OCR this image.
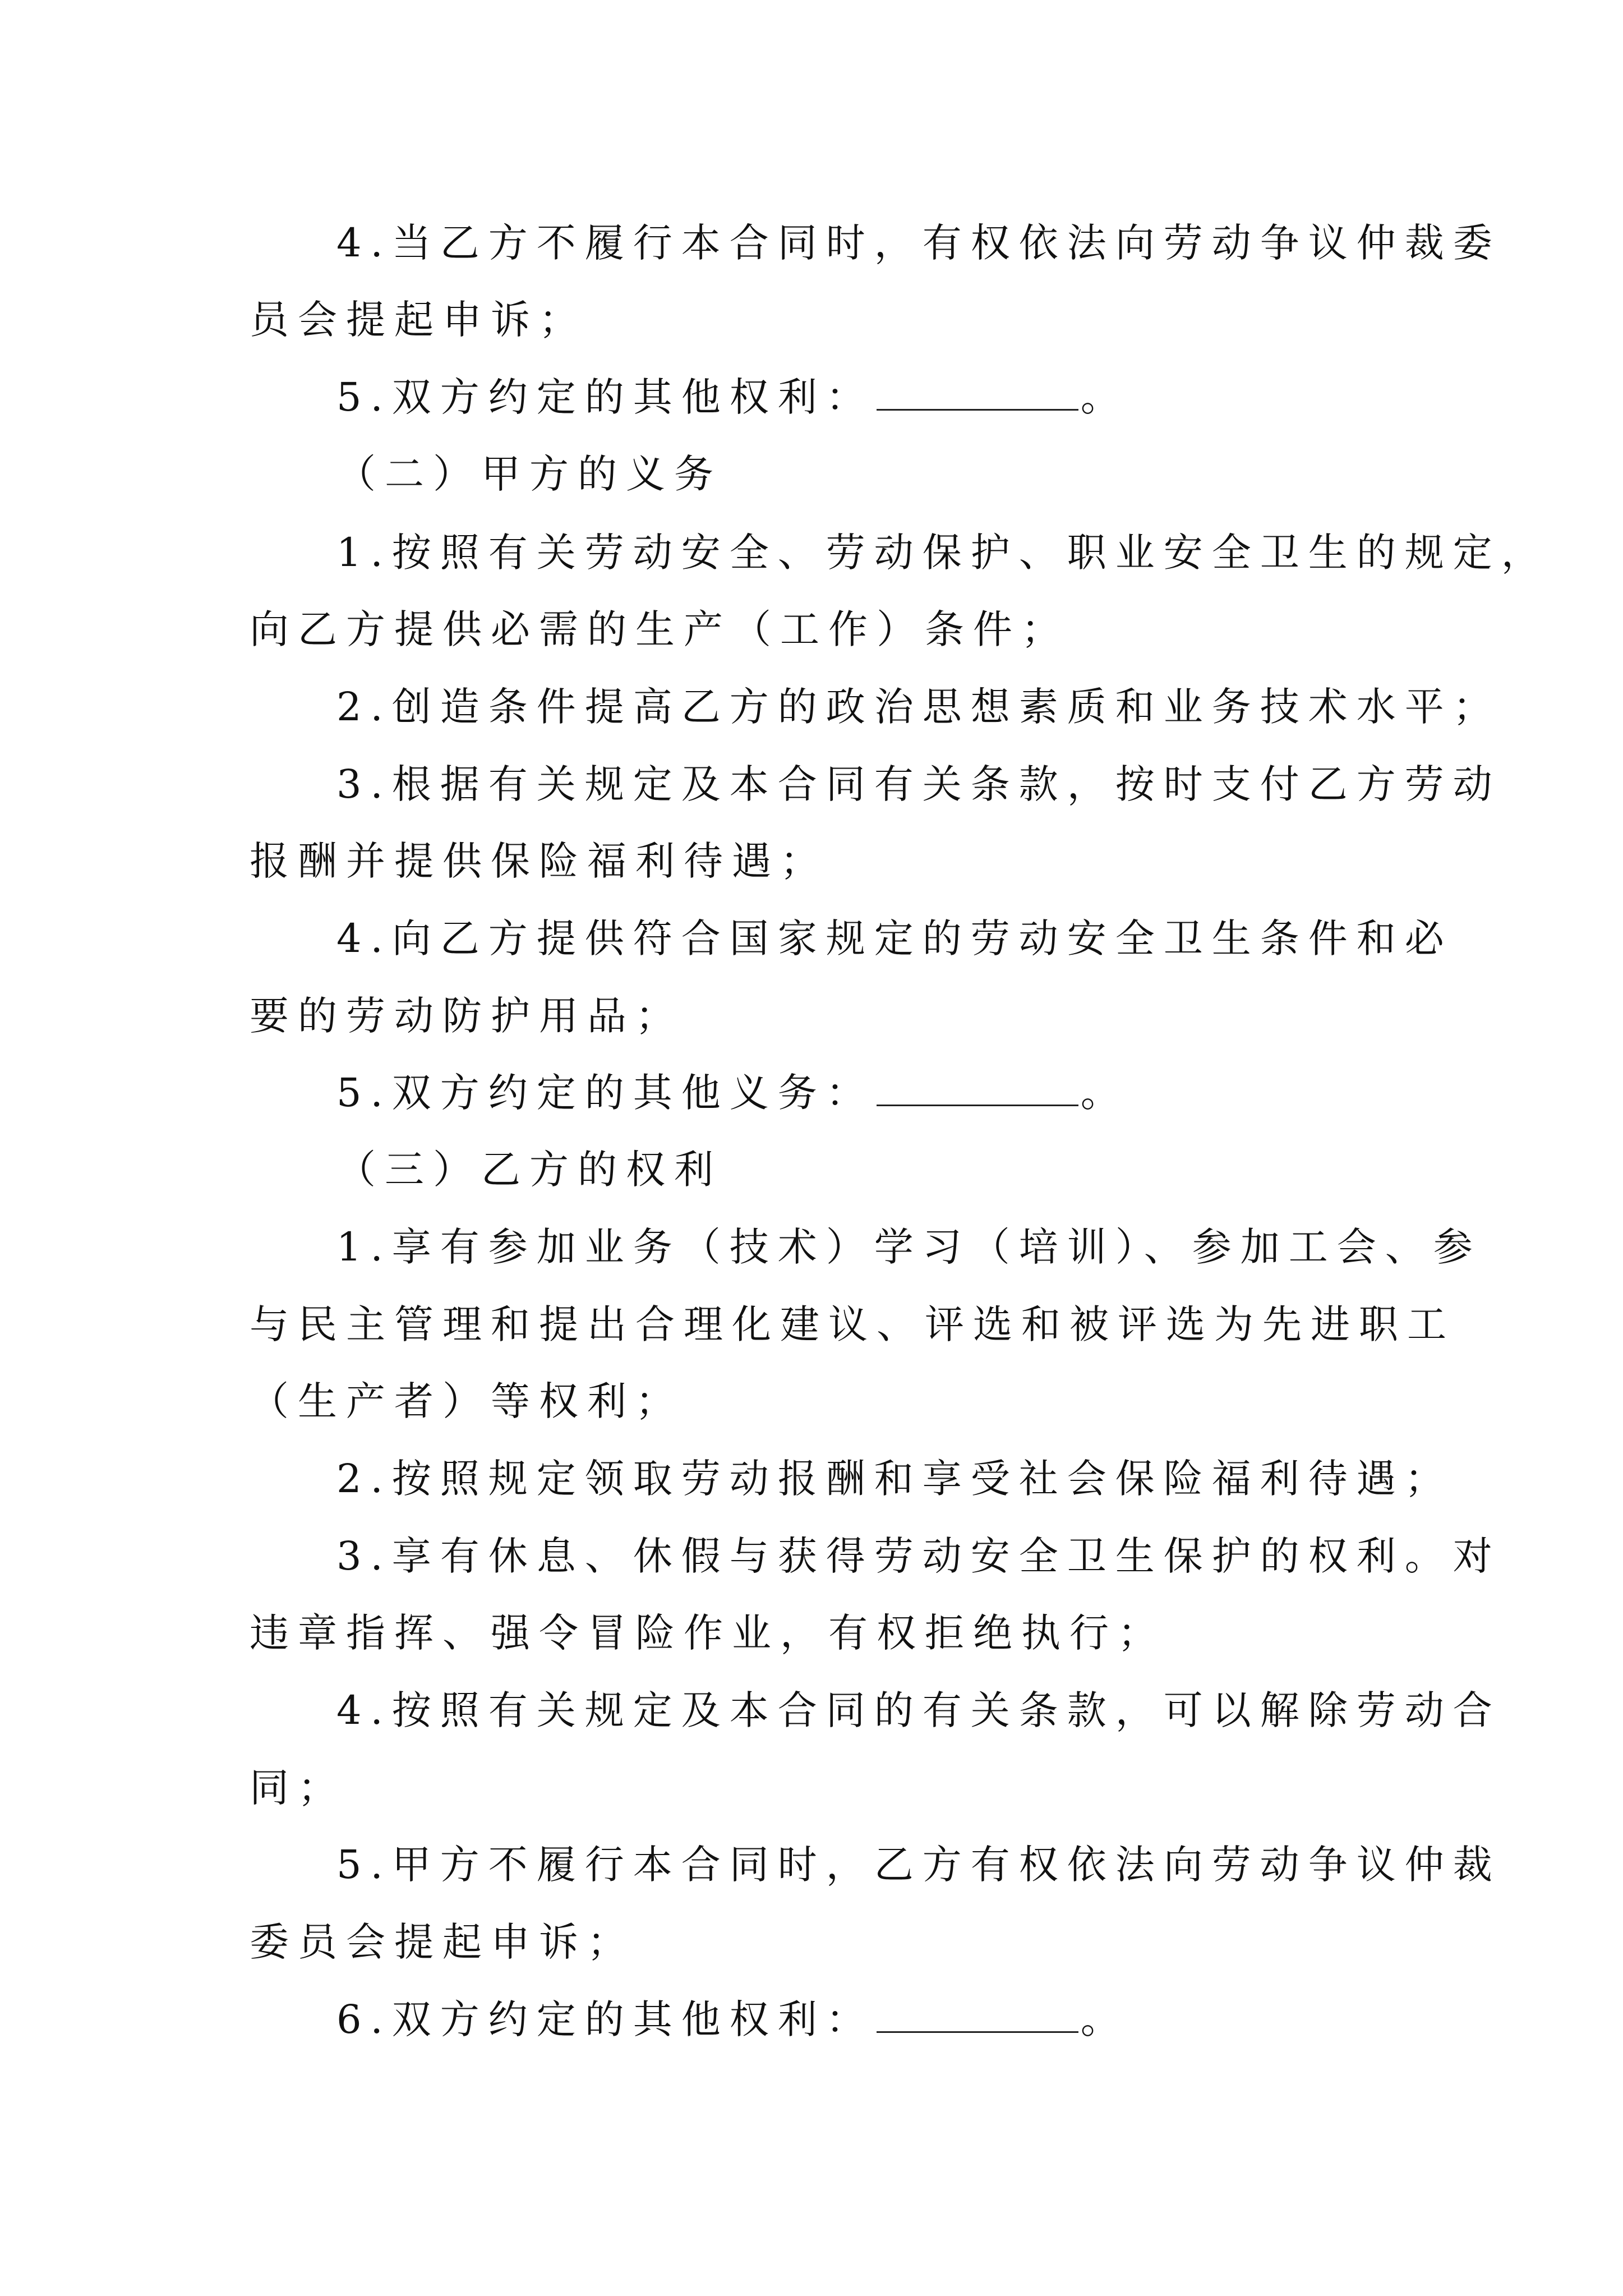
4.当乙方不履行本合同时，有权依法向劳动争议仲裁委

员会提起申诉；

5.双方约定的其他权利：	。

（二）甲方的义务

1.按照有关劳动安全、劳动保护、职业安全卫生的规定，

向乙方提供必需的生产（工作）条件；

2.创造条件提高乙方的政治思想素质和业务技术水平；

3.根据有关规定及本合同有关条款，按时支付乙方劳动

报酬并提供保险福利待遇；

4.向乙方提供符合国家规定的劳动安全卫生条件和必

要的劳动防护用品；

5.双方约定的其他义务：	。

（三）乙方的权利

1.享有参加业务（技术）学习（培训）、参加工会、参

与民主管理和提出合理化建议、评选和被评选为先进职工

（生产者）等权利；

2.按照规定领取劳动报酬和享受社会保险福利待遇；

3.享有休息、休假与获得劳动安全卫生保护的权利。对

违章指挥、强令冒险作业，有权拒绝执行；

4.按照有关规定及本合同的有关条款，可以解除劳动合

同；

5.甲方不履行本合同时，乙方有权依法向劳动争议仲裁

委员会提起申诉；

6.双方约定的其他权利：	。
